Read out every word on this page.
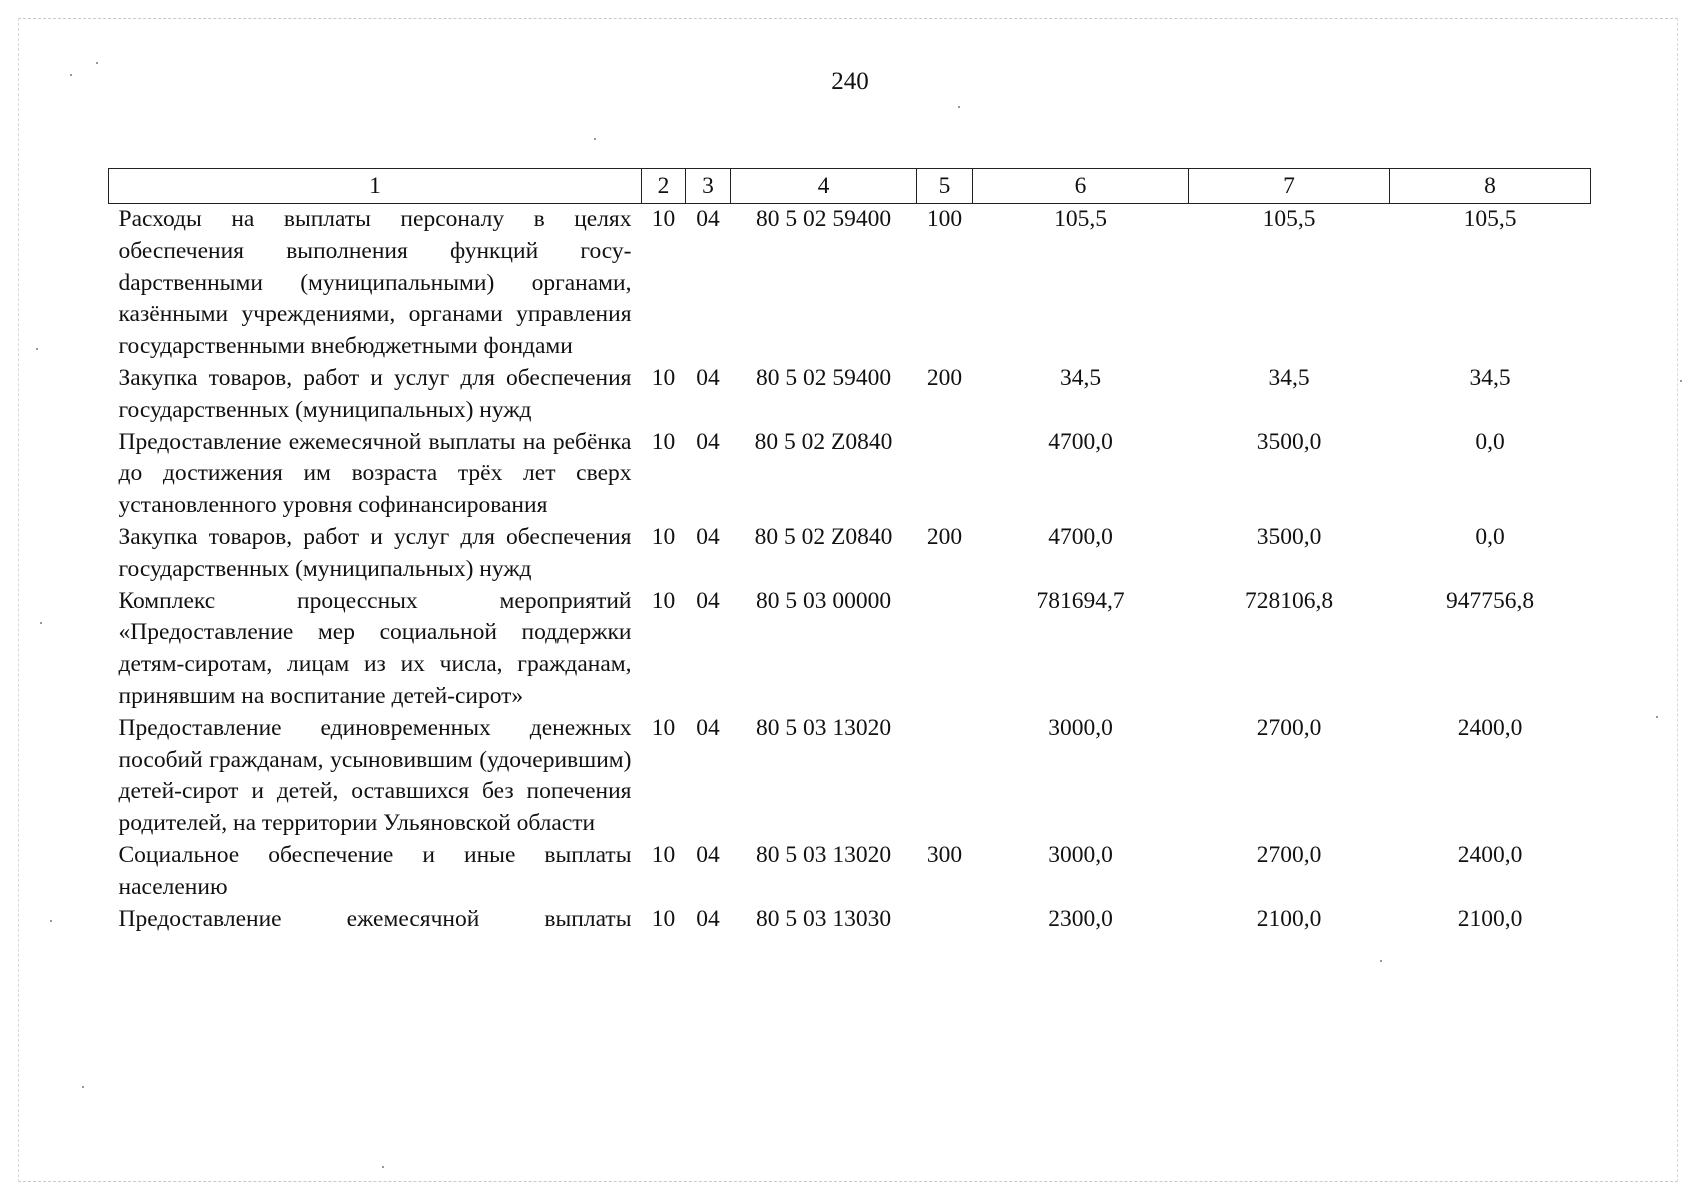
240
1	2	3	4	5	6	7	8
Расходы на выплаты персоналу в целях обеспечения выполнения функций госуdарственными (муниципальными) органами, казёнными учреждениями, органами управления государственными внебюджетными фондами	10	04	80 5 02 59400	100	105,5	105,5	105,5
Закупка товаров, работ и услуг для обеспечения государственных (муниципальных) нужд	10	04	80 5 02 59400	200	34,5	34,5	34,5
Предоставление ежемесячной выплаты на ребёнка до достижения им возраста трёх лет сверх установленного уровня софинансирования	10	04	80 5 02 Z0840		4700,0	3500,0	0,0
Закупка товаров, работ и услуг для обеспечения государственных (муниципальных) нужд	10	04	80 5 02 Z0840	200	4700,0	3500,0	0,0
Комплекс процессных мероприятий «Предоставление мер социальной поддержки детям-сиротам, лицам из их числа, гражданам, принявшим на воспитание детей-сирот»	10	04	80 5 03 00000		781694,7	728106,8	947756,8
Предоставление единовременных денежных пособий гражданам, усыновившим (удочерившим) детей-сирот и детей, оставшихся без попечения родителей, на территории Ульяновской области	10	04	80 5 03 13020		3000,0	2700,0	2400,0
Социальное обеспечение и иные выплаты населению	10	04	80 5 03 13020	300	3000,0	2700,0	2400,0
Предоставление ежемесячной выплаты	10	04	80 5 03 13030		2300,0	2100,0	2100,0
